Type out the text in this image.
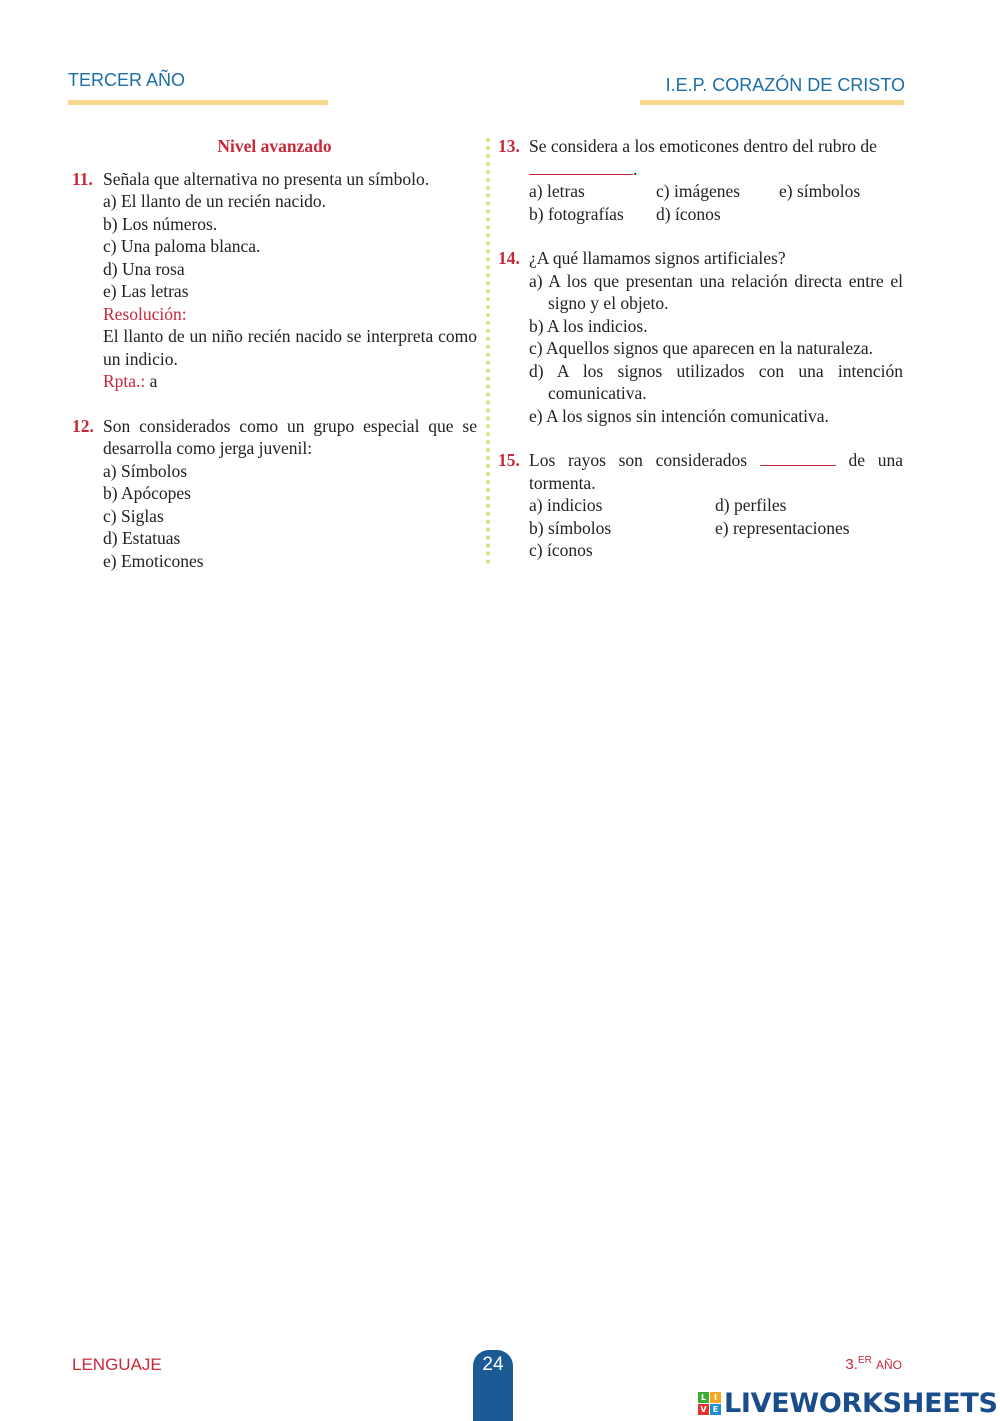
TERCER AÑO	I.E.P. CORAZÓN DE CRISTO
Nivel avanzado
11. Señala que alternativa no presenta un símbolo.
a) El llanto de un recién nacido.
b) Los números.
c) Una paloma blanca.
d) Una rosa
e) Las letras
Resolución:
El llanto de un niño recién nacido se interpreta como un indicio.
Rpta.: a
12. Son considerados como un grupo especial que se desarrolla como jerga juvenil:
a) Símbolos
b) Apócopes
c) Siglas
d) Estatuas
e) Emoticones
13. Se considera a los emoticones dentro del rubro de
.
a) letras	c) imágenes	e) símbolos
b) fotografías	d) íconos
14. ¿A qué llamamos signos artificiales?
a) A los que presentan una relación directa entre el signo y el objeto.
b) A los indicios.
c) Aquellos signos que aparecen en la naturaleza.
d) A los signos utilizados con una intención comunicativa.
e) A los signos sin intención comunicativa.
15. Los rayos son considerados	de una tormenta.
a) indicios	d) perfiles
b) símbolos	e) representaciones
c) íconos
LENGUAJE	24	3.$^{ER}$ AÑO
L I
V E LIVEWORKSHEETS
